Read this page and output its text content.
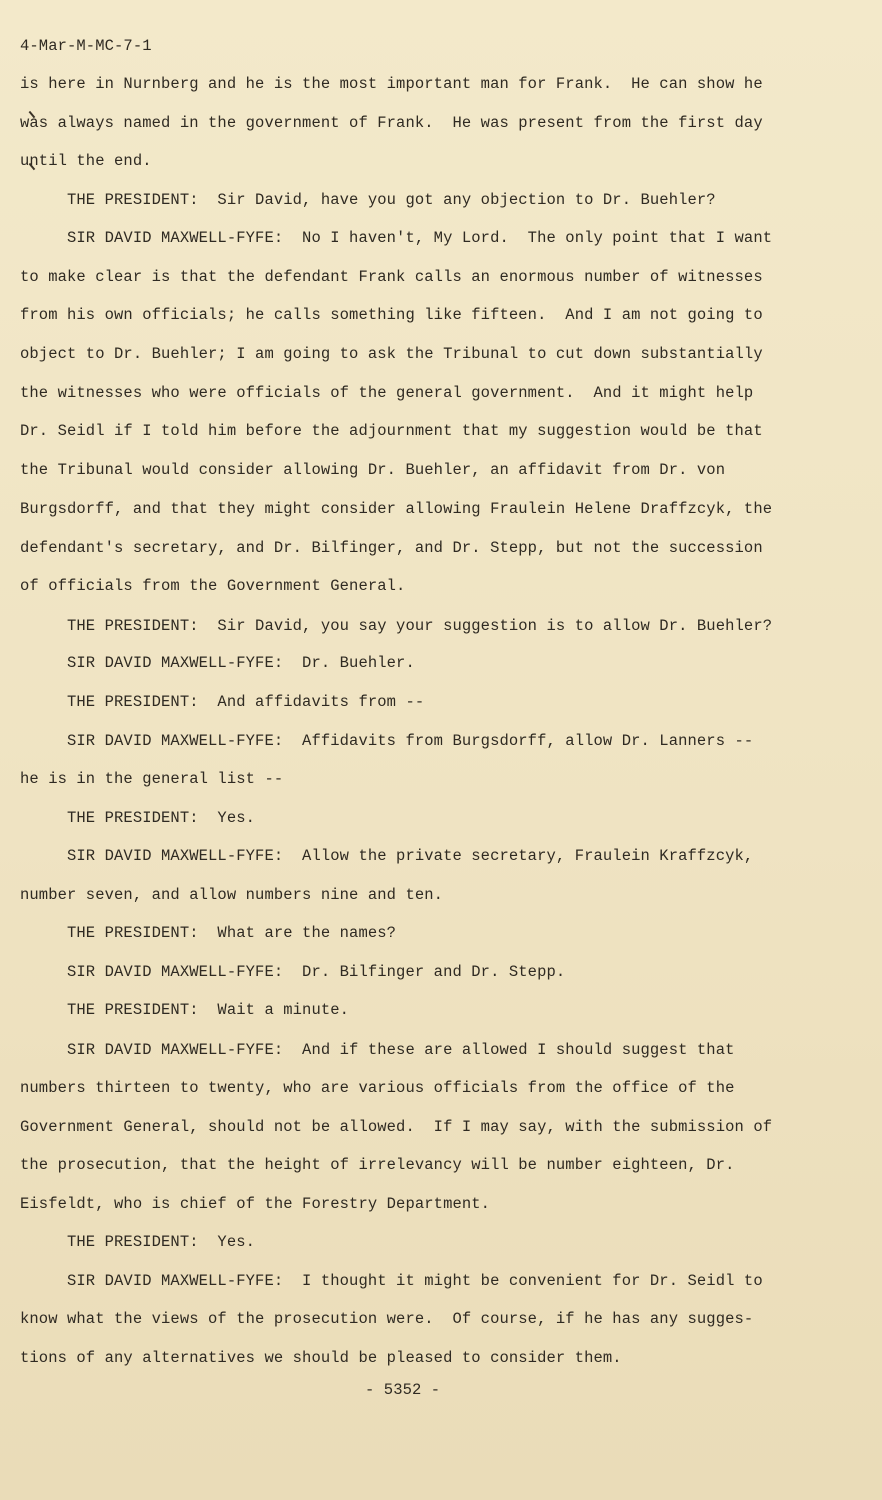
4-Mar-M-MC-7-1
is here in Nurnberg and he is the most important man for Frank.  He can show he
was always named in the government of Frank.  He was present from the first day
until the end.
THE PRESIDENT:  Sir David, have you got any objection to Dr. Buehler?
SIR DAVID MAXWELL-FYFE:  No I haven't, My Lord.  The only point that I want
to make clear is that the defendant Frank calls an enormous number of witnesses
from his own officials; he calls something like fifteen.  And I am not going to
object to Dr. Buehler; I am going to ask the Tribunal to cut down substantially
the witnesses who were officials of the general government.  And it might help
Dr. Seidl if I told him before the adjournment that my suggestion would be that
the Tribunal would consider allowing Dr. Buehler, an affidavit from Dr. von
Burgsdorff, and that they might consider allowing Fraulein Helene Draffzcyk, the
defendant's secretary, and Dr. Bilfinger, and Dr. Stepp, but not the succession
of officials from the Government General.
THE PRESIDENT:  Sir David, you say your suggestion is to allow Dr. Buehler?
SIR DAVID MAXWELL-FYFE:  Dr. Buehler.
THE PRESIDENT:  And affidavits from --
SIR DAVID MAXWELL-FYFE:  Affidavits from Burgsdorff, allow Dr. Lanners --
he is in the general list --
THE PRESIDENT:  Yes.
SIR DAVID MAXWELL-FYFE:  Allow the private secretary, Fraulein Kraffzcyk,
number seven, and allow numbers nine and ten.
THE PRESIDENT:  What are the names?
SIR DAVID MAXWELL-FYFE:  Dr. Bilfinger and Dr. Stepp.
THE PRESIDENT:  Wait a minute.
SIR DAVID MAXWELL-FYFE:  And if these are allowed I should suggest that
numbers thirteen to twenty, who are various officials from the office of the
Government General, should not be allowed.  If I may say, with the submission of
the prosecution, that the height of irrelevancy will be number eighteen, Dr.
Eisfeldt, who is chief of the Forestry Department.
THE PRESIDENT:  Yes.
SIR DAVID MAXWELL-FYFE:  I thought it might be convenient for Dr. Seidl to
know what the views of the prosecution were.  Of course, if he has any sugges-
tions of any alternatives we should be pleased to consider them.
- 5352 -
